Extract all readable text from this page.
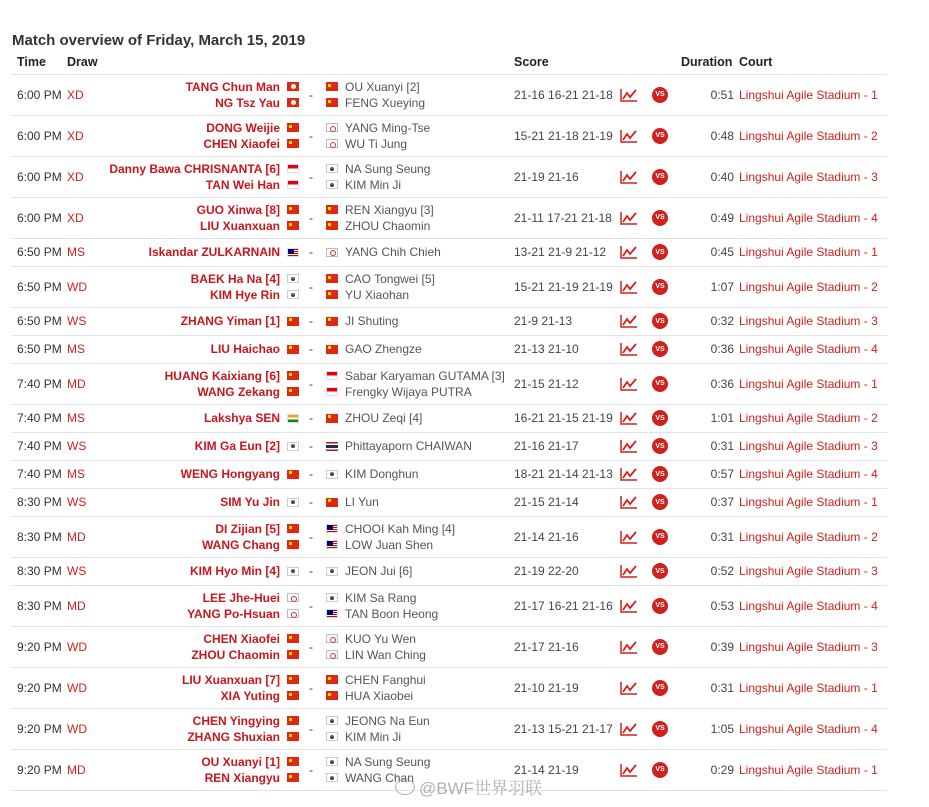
Match overview of Friday, March 15, 2019
Time Draw	Score	Duration Court
6:00 PM XD
TANG Chun Man
NG Tsz Yau
-
OU Xuanyi [2]
FENG Xueying
21-16 16-21 21-18	VS	0:51 Lingshui Agile Stadium - 1
6:00 PM XD
DONG Weijie
CHEN Xiaofei
-
YANG Ming-Tse
WU Ti Jung
15-21 21-18 21-19	VS	0:48 Lingshui Agile Stadium - 2
6:00 PM XD
Danny Bawa CHRISNANTA [6]
TAN Wei Han
-
NA Sung Seung
KIM Min Ji
21-19 21-16	VS	0:40 Lingshui Agile Stadium - 3
6:00 PM XD
GUO Xinwa [8]
LIU Xuanxuan
-
REN Xiangyu [3]
ZHOU Chaomin
21-11 17-21 21-18	VS	0:49 Lingshui Agile Stadium - 4
6:50 PM MS	Iskandar ZULKARNAIN -	YANG Chih Chieh	13-21 21-9 21-12	VS	0:45 Lingshui Agile Stadium - 1
6:50 PM WD
BAEK Ha Na [4]
KIM Hye Rin
-
CAO Tongwei [5]
YU Xiaohan
15-21 21-19 21-19	VS	1:07 Lingshui Agile Stadium - 2
6:50 PM WS	ZHANG Yiman [1] -	JI Shuting	21-9 21-13	VS	0:32 Lingshui Agile Stadium - 3
6:50 PM MS	LIU Haichao -	GAO Zhengze	21-13 21-10	VS	0:36 Lingshui Agile Stadium - 4
7:40 PM MD
HUANG Kaixiang [6]
WANG Zekang
-
Sabar Karyaman GUTAMA [3]
Frengky Wijaya PUTRA
21-15 21-12	VS	0:36 Lingshui Agile Stadium - 1
7:40 PM MS	Lakshya SEN -	ZHOU Zeqi [4]	16-21 21-15 21-19	VS	1:01 Lingshui Agile Stadium - 2
7:40 PM WS	KIM Ga Eun [2] -	Phittayaporn CHAIWAN	21-16 21-17	VS	0:31 Lingshui Agile Stadium - 3
7:40 PM MS	WENG Hongyang -	KIM Donghun	18-21 21-14 21-13	VS	0:57 Lingshui Agile Stadium - 4
8:30 PM WS	SIM Yu Jin -	LI Yun	21-15 21-14	VS	0:37 Lingshui Agile Stadium - 1
8:30 PM MD
DI Zijian [5]
WANG Chang
-
CHOOI Kah Ming [4]
LOW Juan Shen
21-14 21-16	VS	0:31 Lingshui Agile Stadium - 2
8:30 PM WS	KIM Hyo Min [4] -	JEON Jui [6]	21-19 22-20	VS	0:52 Lingshui Agile Stadium - 3
8:30 PM MD
LEE Jhe-Huei
YANG Po-Hsuan
-
KIM Sa Rang
TAN Boon Heong
21-17 16-21 21-16	VS	0:53 Lingshui Agile Stadium - 4
9:20 PM WD
CHEN Xiaofei
ZHOU Chaomin
-
KUO Yu Wen
LIN Wan Ching
21-17 21-16	VS	0:39 Lingshui Agile Stadium - 3
9:20 PM WD
LIU Xuanxuan [7]
XIA Yuting
-
CHEN Fanghui
HUA Xiaobei
21-10 21-19	VS	0:31 Lingshui Agile Stadium - 1
9:20 PM WD
CHEN Yingying
ZHANG Shuxian
-
JEONG Na Eun
KIM Min Ji
21-13 15-21 21-17	VS	1:05 Lingshui Agile Stadium - 4
9:20 PM MD
OU Xuanyi [1]
REN Xiangyu
-
NA Sung Seung
WANG Chan
21-14 21-19	VS	0:29 Lingshui Agile Stadium - 1
@BWF世界羽联
